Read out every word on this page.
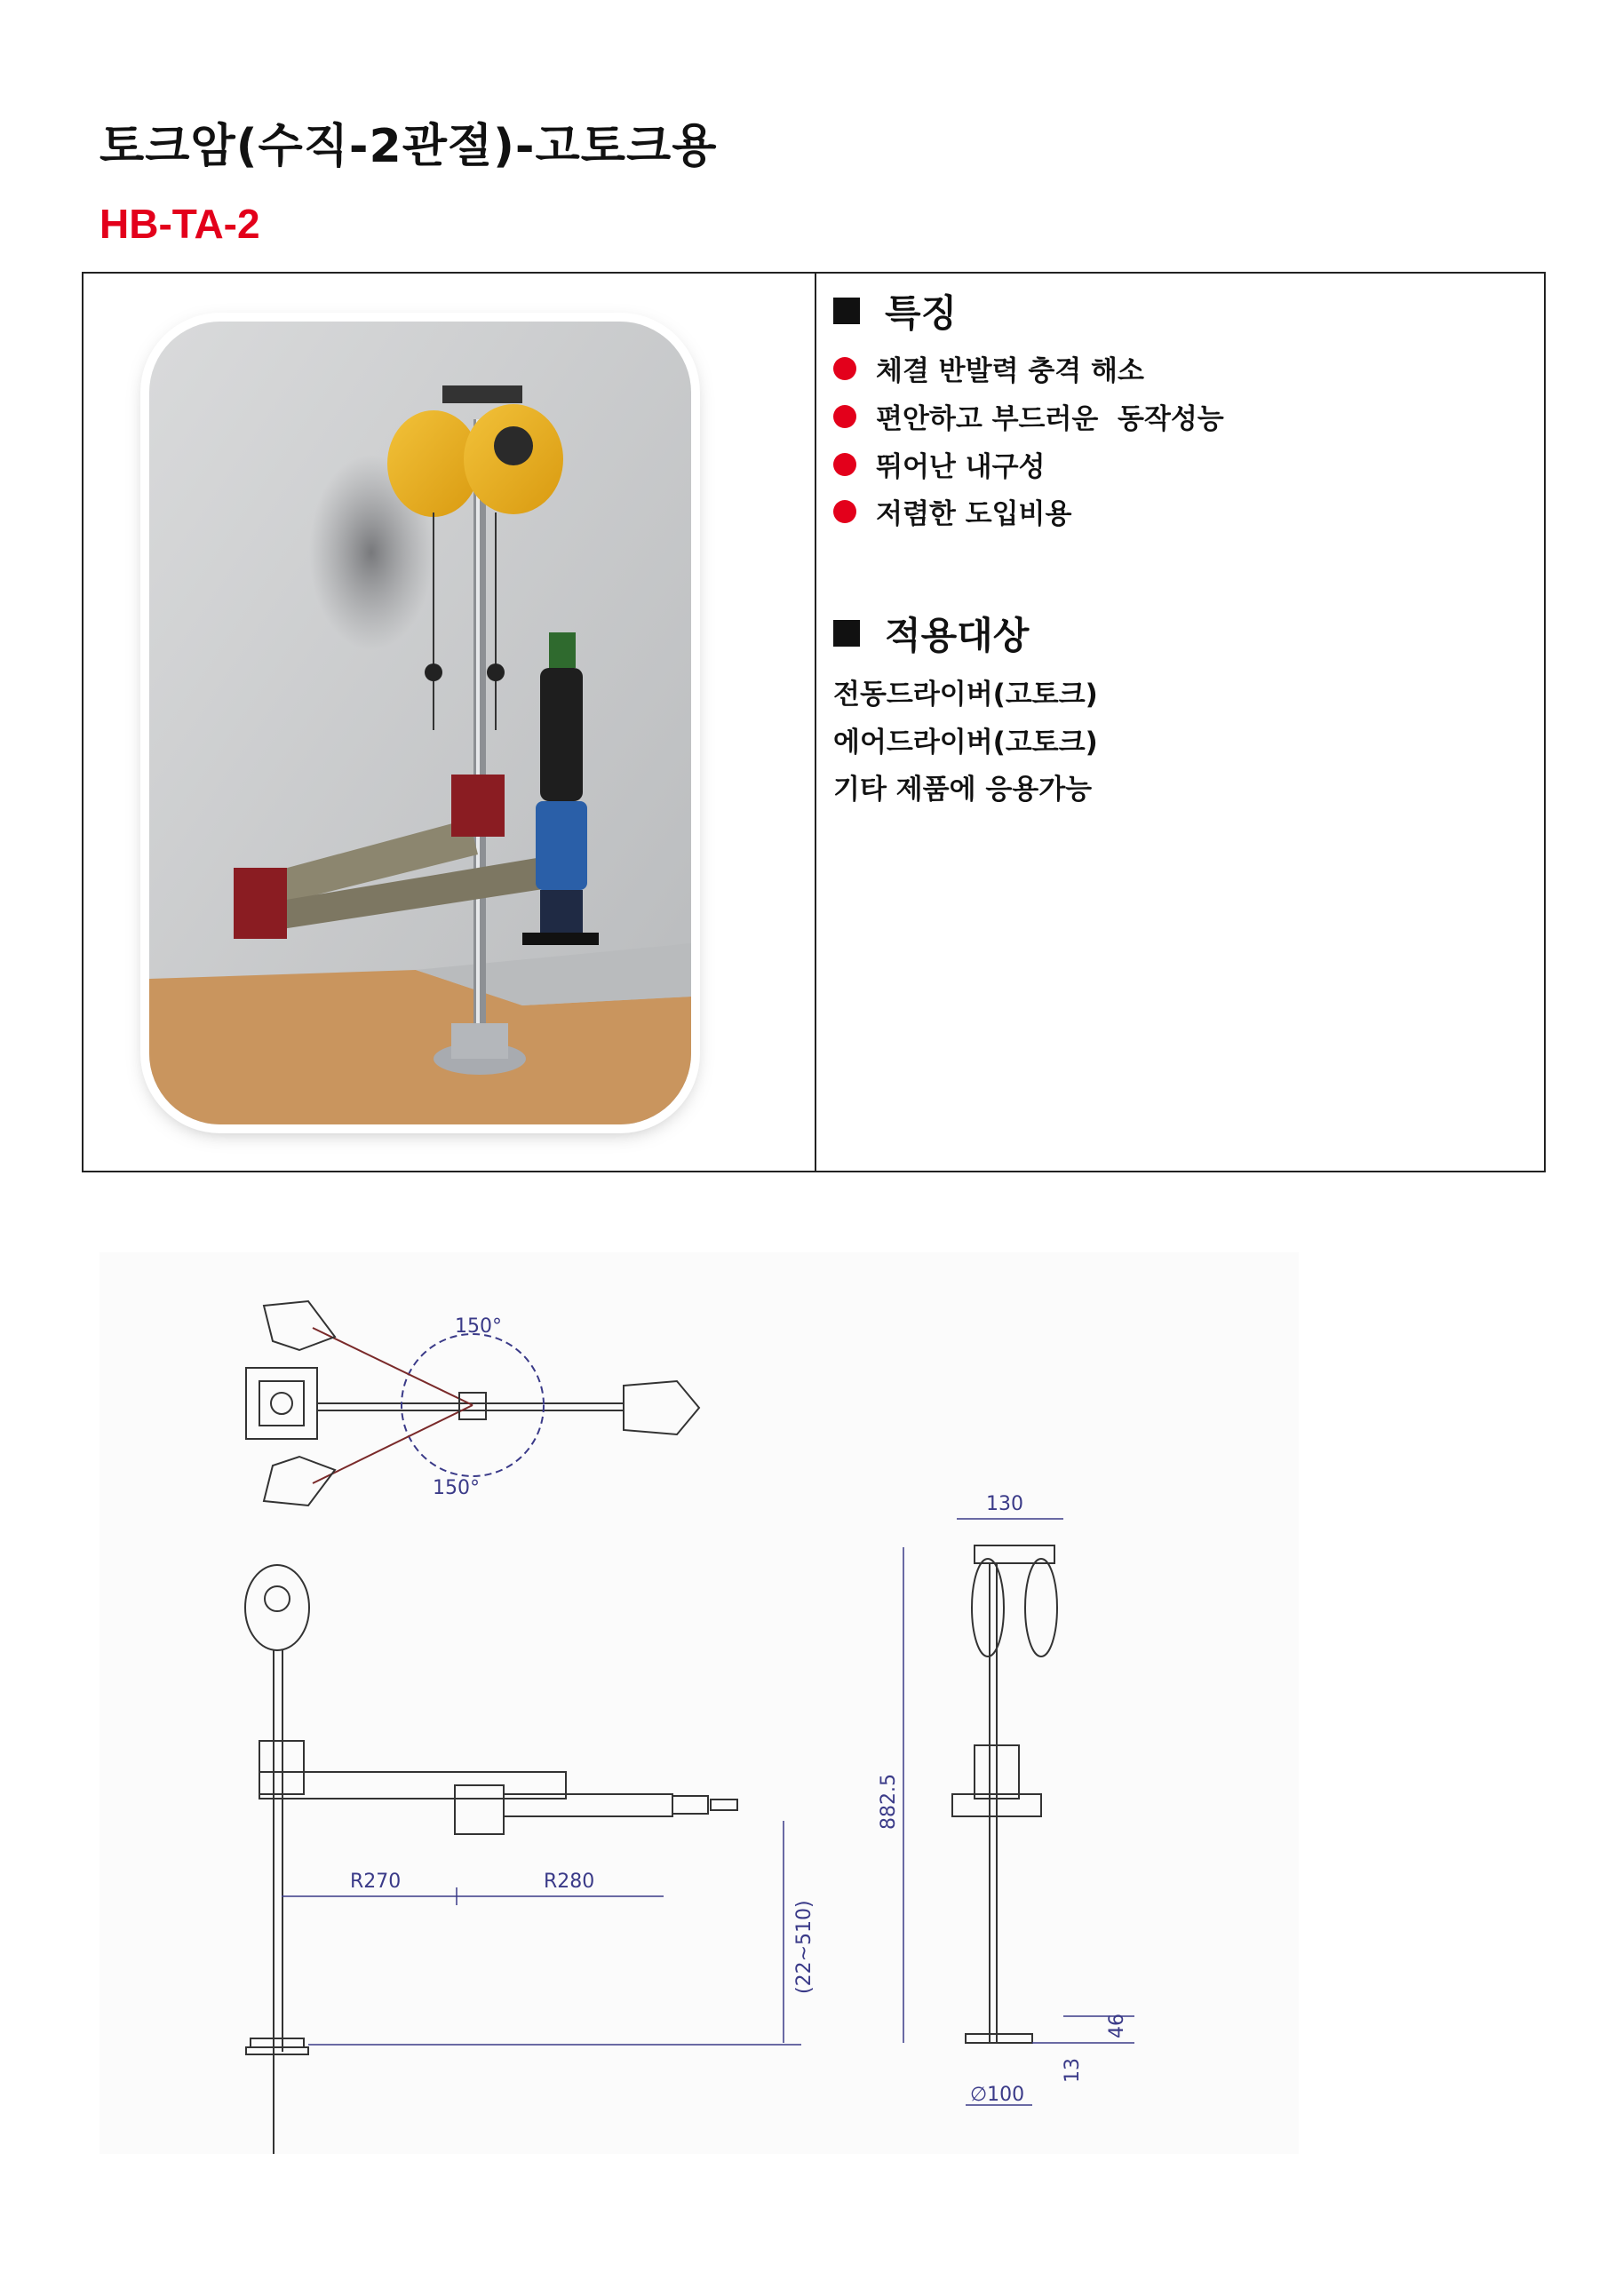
토크암(수직-2관절)-고토크용
HB-TA-2
특징
체결 반발력 충격 해소
편안하고 부드러운  동작성능
뛰어난 내구성
저렴한 도입비용
적용대상
전동드라이버(고토크)
에어드라이버(고토크)
기타 제품에 응용가능
150°
150°
R270	R280
(22~510)
130
882.5
46
13
∅100
